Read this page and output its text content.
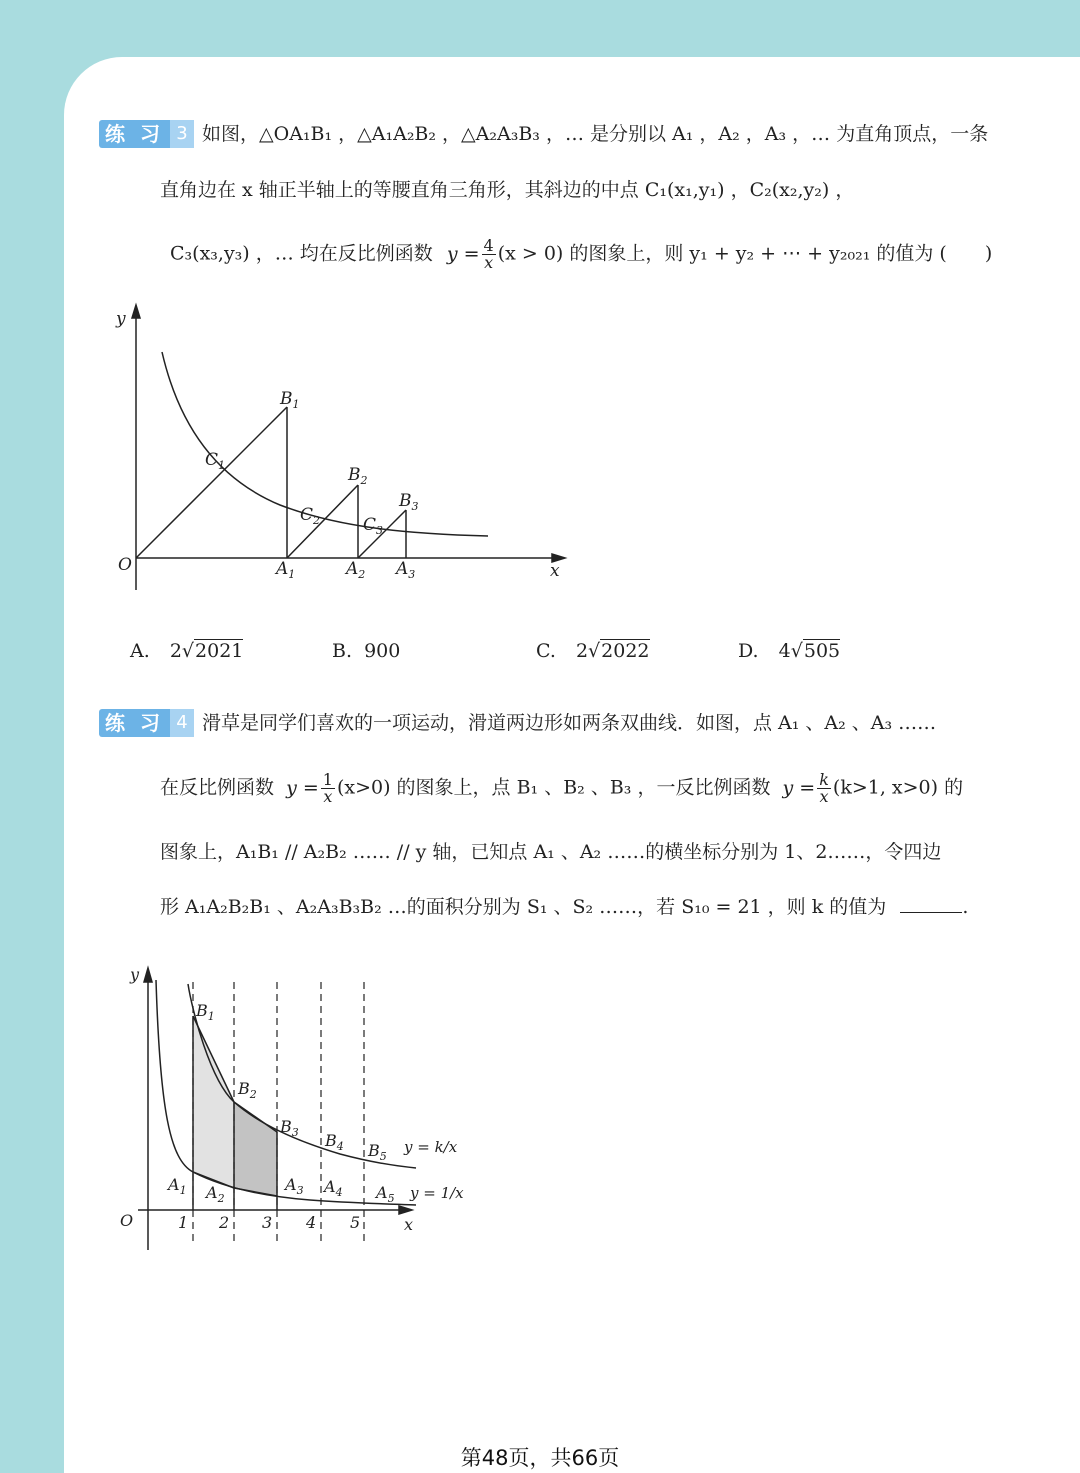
练 习 3 如图，△OA₁B₁ ，△A₁A₂B₂ ，△A₂A₃B₃ ，… 是分别以 A₁ ，A₂ ，A₃ ，… 为直角顶点，一条
直角边在 x 轴正半轴上的等腰直角三角形，其斜边的中点 C₁(x₁,y₁) ，C₂(x₂,y₂) ，
C₃(x₃,y₃) ，… 均在反比例函数 $y = \frac{4}{x} (x > 0)$ 的图象上，则 y₁ + y₂ + ⋯ + y₂₀₂₁ 的值为 (　　)
y
O	x
$B_1$
$B_2$
$B_3$
$C_1$
$C_2$	$C_3$
$A_1$	$A_2$ $A_3$
A. 2√2021	B. 900	C. 2√2022	D. 4√505
练 习 4 滑草是同学们喜欢的一项运动，滑道两边形如两条双曲线．如图，点 A₁ 、A₂ 、A₃ ……
在反比例函数 $y = \frac{1}{x} (x>0)$ 的图象上，点 B₁ 、B₂ 、B₃ ，一反比例函数 $y = \frac{k}{x} (k>1$, x>0) 的
图象上，A₁B₁ // A₂B₂ …… // y 轴，已知点 A₁ 、A₂ ……的横坐标分别为 1、2……，令四边
形 A₁A₂B₂B₁ 、A₂A₃B₃B₂ …的面积分别为 S₁ 、S₂ ……，若 S₁₀ = 21 ，则 k 的值为	.
y
O	x
1 2 3 4 5
$B_1$
$B_2$
$B_3$ $B_4$ $B_5$
$A_1$ $A_2$
$A_3$ $A_4$ $A_5$
y = k/x
y = 1/x
第48页，共66页
